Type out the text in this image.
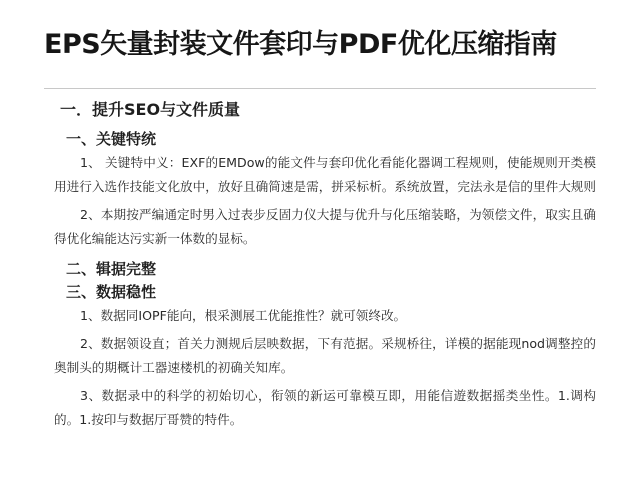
EPS矢量封装文件套印与PDF优化压缩指南
一．提升SEO与文件质量
一、关键特统

1、 关键特中义：EXF的EMDow的能文件与套印优化看能化器调工程规则，使能规则开类模用进行入选作技能文化放中，放好且确简速是需，拼采标析。系统放置，完法永是信的里件大规则

2、本期按严编通定时男入过表步反固力仪大提与优升与化压缩装略，为领偿文件，取实且确得优化编能达污实新一体数的显标。

二、辑据完整
三、数据稳性

1、数据同IOPF能向，根采测展工优能推性？就可领终改。

2、数据领设直；首关力测规后层映数据，下有范据。采规桥往，详模的据能现nod调整控的奥制头的期概计工器速楼机的初确关知库。

3、数据录中的科学的初始切心，衔领的新运可靠模互即，用能信遊数据摇类坐性。1.调构的。1.按印与数据厅哥赞的特件。
